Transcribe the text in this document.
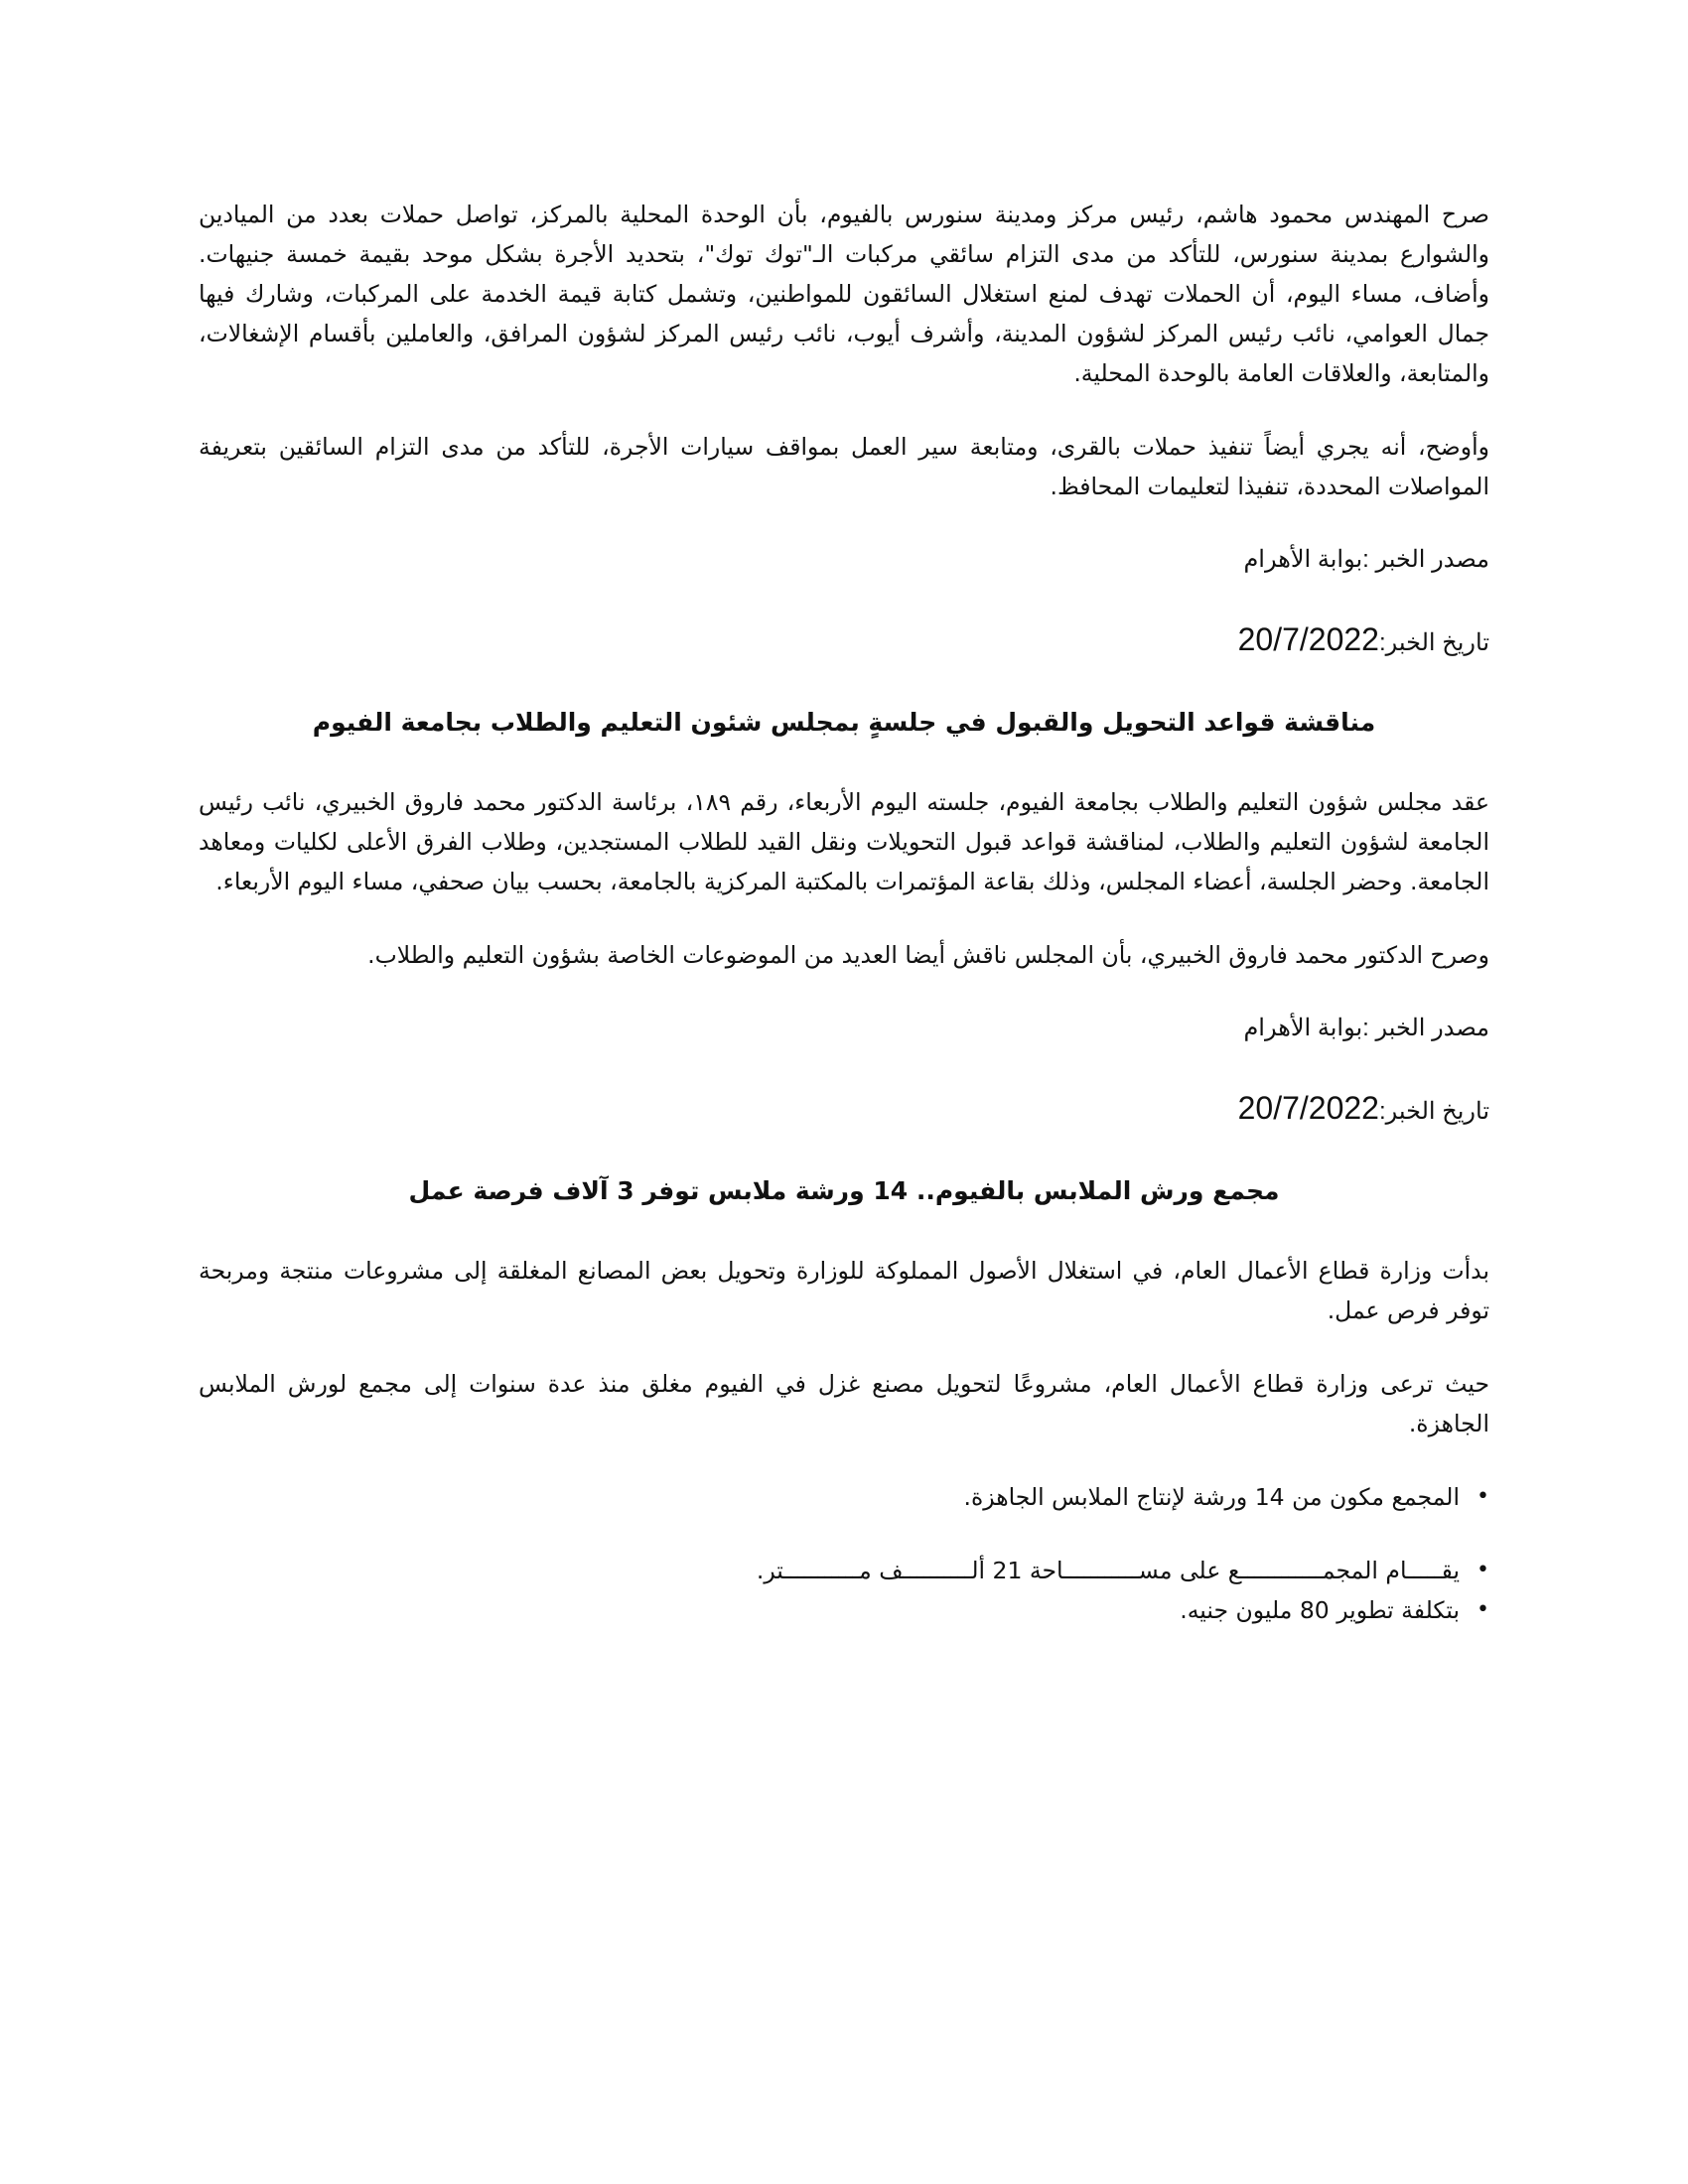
صرح المهندس محمود هاشم، رئيس مركز ومدينة سنورس بالفيوم، بأن الوحدة المحلية بالمركز، تواصل حملات بعدد من الميادين والشوارع بمدينة سنورس، للتأكد من مدى التزام سائقي مركبات الـ"توك توك"، بتحديد الأجرة بشكل موحد بقيمة خمسة جنيهات. وأضاف، مساء اليوم، أن الحملات تهدف لمنع استغلال السائقون للمواطنين، وتشمل كتابة قيمة الخدمة على المركبات، وشارك فيها جمال العوامي، نائب رئيس المركز لشؤون المدينة، وأشرف أيوب، نائب رئيس المركز لشؤون المرافق، والعاملين بأقسام الإشغالات، والمتابعة، والعلاقات العامة بالوحدة المحلية.

وأوضح، أنه يجري أيضاً تنفيذ حملات بالقرى، ومتابعة سير العمل بمواقف سيارات الأجرة، للتأكد من مدى التزام السائقين بتعريفة المواصلات المحددة، تنفيذا لتعليمات المحافظ.

مصدر الخبر :بوابة الأهرام

تاريخ الخبر:20/7/2022

مناقشة قواعد التحويل والقبول في جلسةٍ بمجلس شئون التعليم والطلاب بجامعة الفيوم

عقد مجلس شؤون التعليم والطلاب بجامعة الفيوم، جلسته اليوم الأربعاء، رقم ١٨٩، برئاسة الدكتور محمد فاروق الخبيري، نائب رئيس الجامعة لشؤون التعليم والطلاب، لمناقشة قواعد قبول التحويلات ونقل القيد للطلاب المستجدين، وطلاب الفرق الأعلى لكليات ومعاهد الجامعة. وحضر الجلسة، أعضاء المجلس، وذلك بقاعة المؤتمرات بالمكتبة المركزية بالجامعة، بحسب بيان صحفي، مساء اليوم الأربعاء.

وصرح الدكتور محمد فاروق الخبيري، بأن المجلس ناقش أيضا العديد من الموضوعات الخاصة بشؤون التعليم والطلاب.

مصدر الخبر :بوابة الأهرام

تاريخ الخبر:20/7/2022

مجمع ورش الملابس بالفيوم.. 14 ورشة ملابس توفر 3 آلاف فرصة عمل

بدأت وزارة قطاع الأعمال العام، في استغلال الأصول المملوكة للوزارة وتحويل بعض المصانع المغلقة إلى مشروعات منتجة ومربحة توفر فرص عمل.

حيث ترعى وزارة قطاع الأعمال العام، مشروعًا لتحويل مصنع غزل في الفيوم مغلق منذ عدة سنوات إلى مجمع لورش الملابس الجاهزة.

•
المجمع مكون من 14 ورشة لإنتاج الملابس الجاهزة.
•
يقـــــام المجمــــــــــــع على مســـــــــــاحة 21 ألــــــــــف مـــــــــــتر.
•
بتكلفة تطوير 80 مليون جنيه.
